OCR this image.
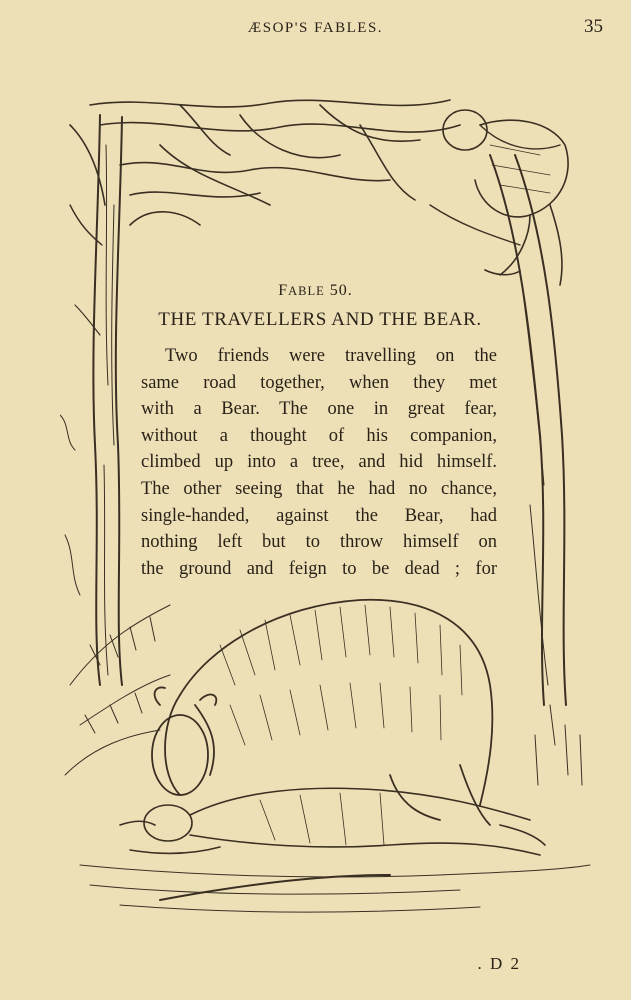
ÆSOP'S FABLES.	35
FABLE 50.
THE TRAVELLERS AND THE BEAR.
Two friends were travelling on the
same road together, when they met
with a Bear. The one in great fear,
without a thought of his companion,
climbed up into a tree, and hid himself.
The other seeing that he had no chance,
single-handed, against the Bear, had
nothing left but to throw himself on
the ground and feign to be dead ; for
. D 2
